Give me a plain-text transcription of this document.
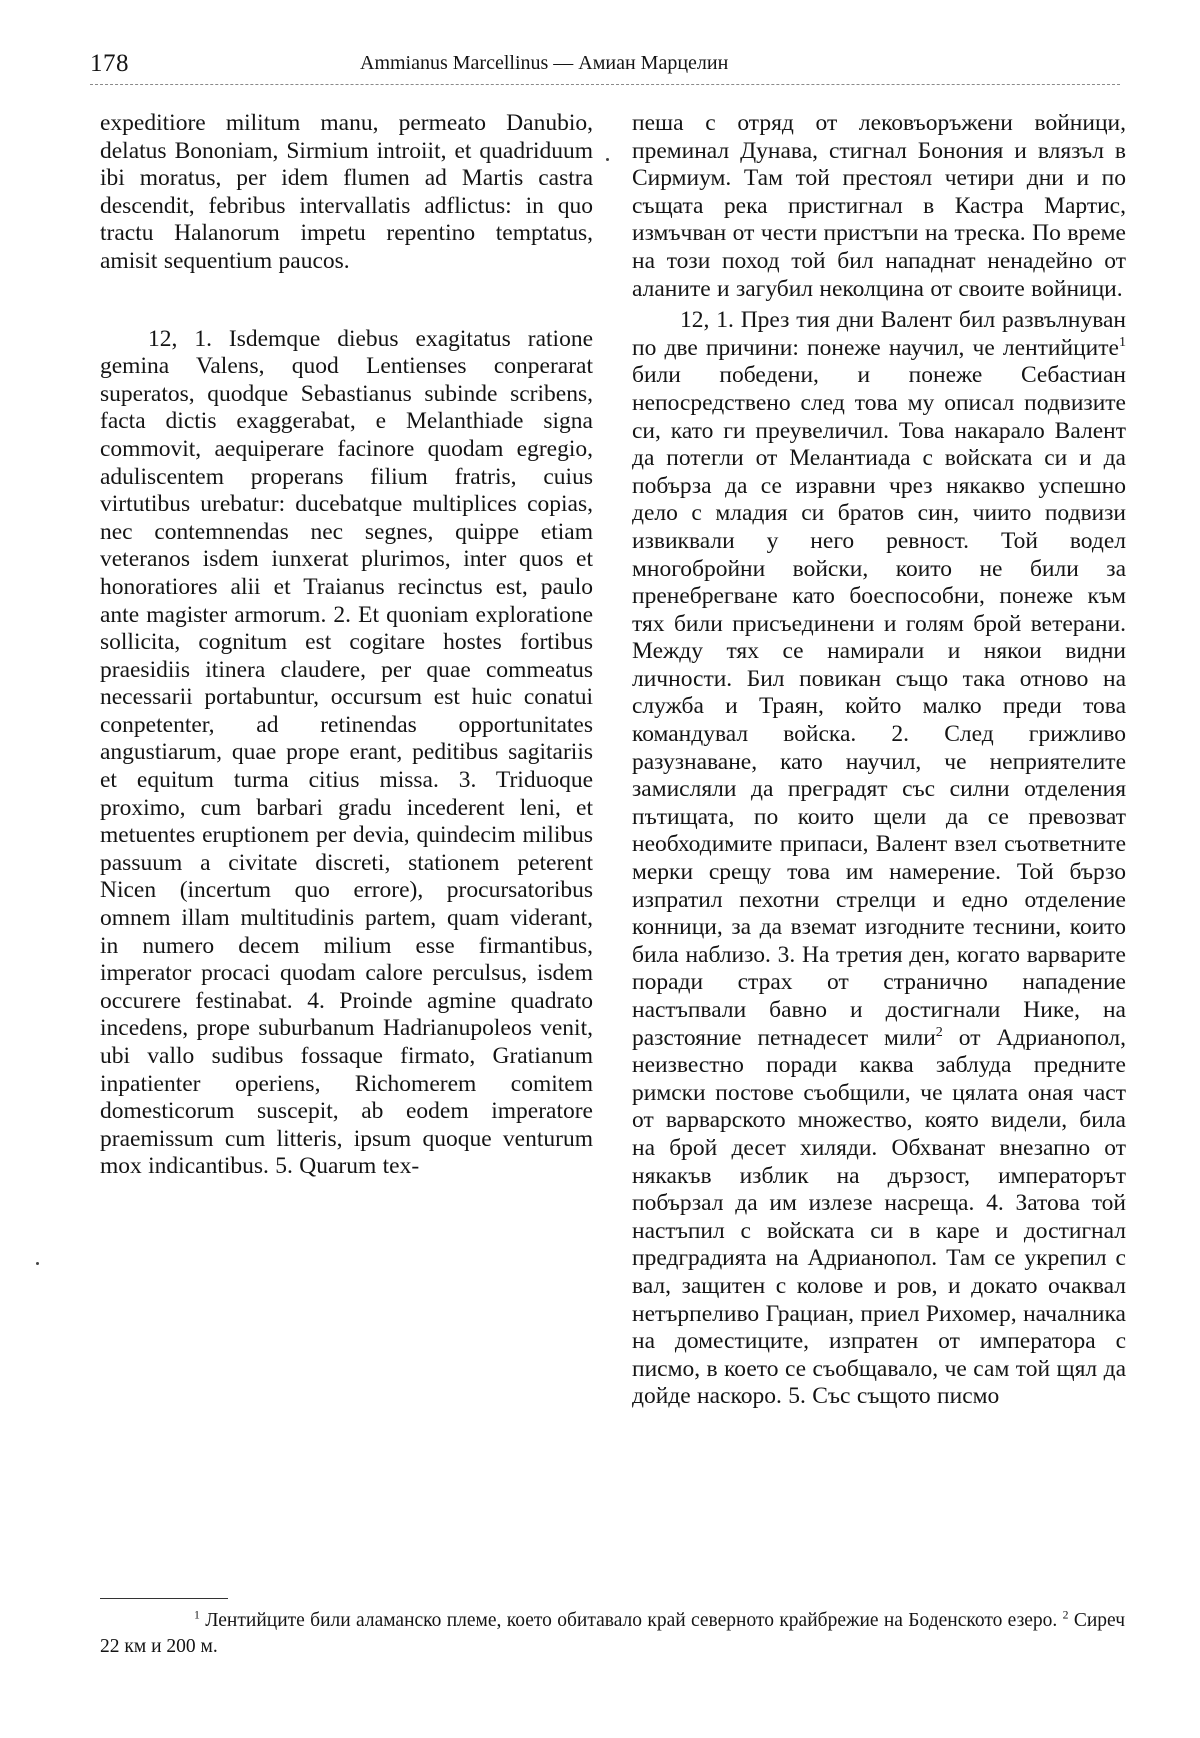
178	Ammianus Marcellinus — Амиан Марцелин

expeditiore militum manu, permeato Danubio, delatus Bononiam, Sirmium introiit, et quadriduum ibi moratus, per idem flumen ad Martis castra descendit, febribus intervallatis adflictus: in quo tractu Halanorum impetu repentino temptatus, amisit sequentium paucos.

12, 1. Isdemque diebus exagitatus ratione gemina Valens, quod Lentienses conperarat superatos, quodque Sebastianus subinde scribens, facta dictis exaggerabat, e Melanthiade signa commovit, aequiperare facinore quodam egregio, aduliscentem properans filium fratris, cuius virtutibus urebatur: ducebatque multiplices copias, nec contemnendas nec segnes, quippe etiam veteranos isdem iunxerat plurimos, inter quos et honoratiores alii et Traianus recinctus est, paulo ante magister armorum. 2. Et quoniam exploratione sollicita, cognitum est cogitare hostes fortibus praesidiis itinera claudere, per quae commeatus necessarii portabuntur, occursum est huic conatui conpetenter, ad retinendas opportunitates angustiarum, quae prope erant, peditibus sagitariis et equitum turma citius missa. 3. Triduoque proximo, cum barbari gradu incederent leni, et metuentes eruptionem per devia, quindecim milibus passuum a civitate discreti, stationem peterent Nicen (incertum quo errore), procursatoribus omnem illam multitudinis partem, quam viderant, in numero decem milium esse firmantibus, imperator procaci quodam calore perculsus, isdem occurere festinabat. 4. Proinde agmine quadrato incedens, prope suburbanum Hadrianupoleos venit, ubi vallo sudibus fossaque firmato, Gratianum inpatienter operiens, Richomerem comitem domesticorum suscepit, ab eodem imperatore praemissum cum litteris, ipsum quoque venturum mox indicantibus. 5. Quarum tex-

пеша с отряд от лековъоръжени войници, преминал Дунава, стигнал Бонония и влязъл в Сирмиум. Там той престоял четири дни и по същата река пристигнал в Кастра Мартис, измъчван от чести пристъпи на треска. По време на този поход той бил нападнат ненадейно от аланите и загубил неколцина от своите войници.

12, 1. През тия дни Валент бил развълнуван по две причини: понеже научил, че лентийците$^1$ били победени, и понеже Себастиан непосредствено след това му описал подвизите си, като ги преувеличил. Това накарало Валент да потегли от Мелантиада с войската си и да побърза да се изравни чрез някакво успешно дело с младия си братов син, чиито подвизи извиквали у него ревност. Той водел многобройни войски, които не били за пренебрегване като боеспособни, понеже към тях били присъединени и голям брой ветерани. Между тях се намирали и някои видни личности. Бил повикан също така отново на служба и Траян, който малко преди това командувал войска. 2. След грижливо разузнаване, като научил, че неприятелите замисляли да преградят със силни отделения пътищата, по които щели да се превозват необходимите припаси, Валент взел съответните мерки срещу това им намерение. Той бързо изпратил пехотни стрелци и едно отделение конници, за да вземат изгодните теснини, които била наблизо. 3. На третия ден, когато варварите поради страх от странично нападение настъпвали бавно и достигнали Нике, на разстояние петнадесет мили$^2$ от Адрианопол, неизвестно поради каква заблуда предните римски постове съобщили, че цялата оная част от варварското множество, която видели, била на брой десет хиляди. Обхванат внезапно от някакъв изблик на дързост, императорът побързал да им излезе насреща. 4. Затова той настъпил с войската си в каре и достигнал предградията на Адрианопол. Там се укрепил с вал, защитен с колове и ров, и докато очаквал нетърпеливо Грациан, приел Рихомер, началника на доместиците, изпратен от императора с писмо, в което се съобщавало, че сам той щял да дойде наскоро. 5. Със същото писмо

$^1$ Лентийците били аламанско племе, което обитавало край северното крайбрежие на Боденското езеро. $^2$ Сиреч 22 км и 200 м.
